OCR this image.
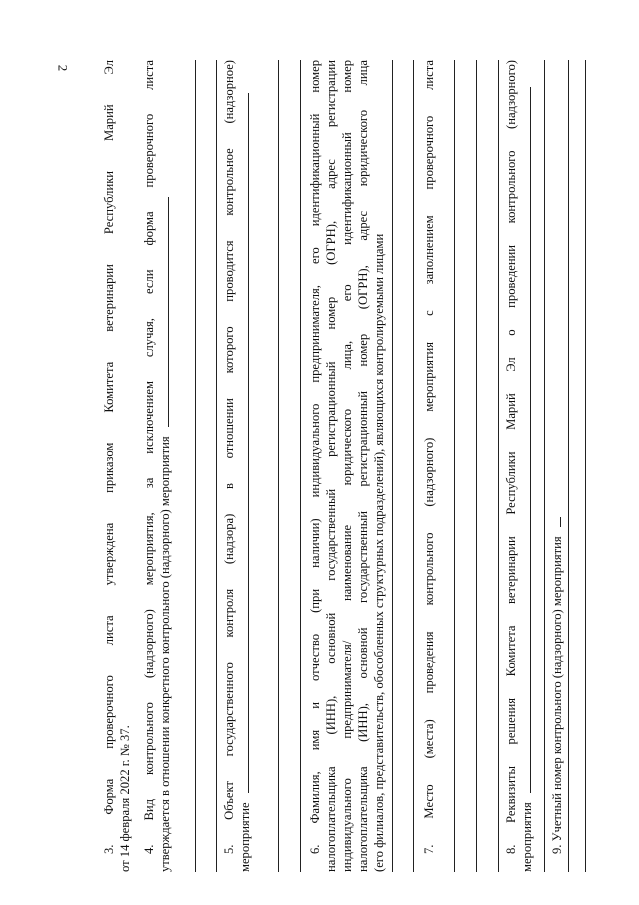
2	3. Форма проверочного листа утверждена приказом Комитета ветеринарии Республики Марий Эл от 14 февраля 2022 г. № 37. 4. Вид контрольного (надзорного) мероприятия, за исключением случая, если форма проверочного листа утверждается в отношении конкретного контрольного (надзорного) мероприятия	5. Объект государственного контроля (надзора) в отношении которого проводится контрольное (надзорное) мероприятие	6. Фамилия, имя и отчество (при наличии) индивидуального предпринимателя, его идентификационный номер налогоплательщика (ИНН), основной государственный регистрационный номер (ОГРН), адрес регистрации индивидуального предпринимателя/ наименование юридического лица, его идентификационный номер налогоплательщика (ИНН), основной государственный регистрационный номер (ОГРН), адрес юридического лица (его филиалов, представительств, обособленных структурных подразделений), являющихся контролируемыми лицами	7. Место (места) проведения контрольного (надзорного) мероприятия с заполнением проверочного листа	8. Реквизиты решения Комитета ветеринарии Республики Марий Эл о проведении контрольного (надзорного) мероприятия 9. Учетный номер контрольного (надзорного) мероприятия
